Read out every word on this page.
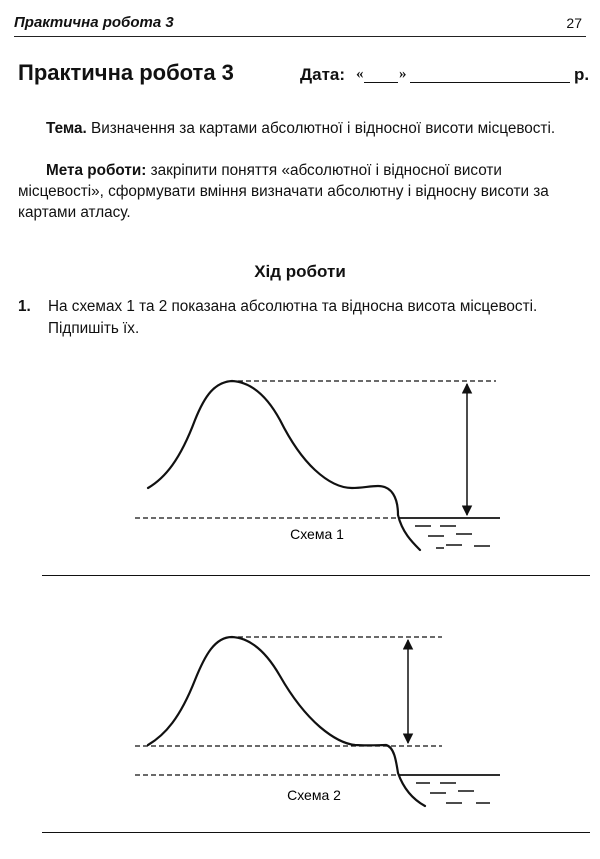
Практична робота 3	27
Практична робота 3	Дата: « »	р.

Тема. Визначення за картами абсолютної і відносної висоти місцевості.

Мета роботи: закріпити поняття «абсолютної і відносної висоти місцевості», сформувати вміння визначати абсолютну і відносну висоти за картами атласу.

Хід роботи
1. На схемах 1 та 2 показана абсолютна та відносна висота місцевості. Підпишіть їх.
Схема 1
Схема 2
